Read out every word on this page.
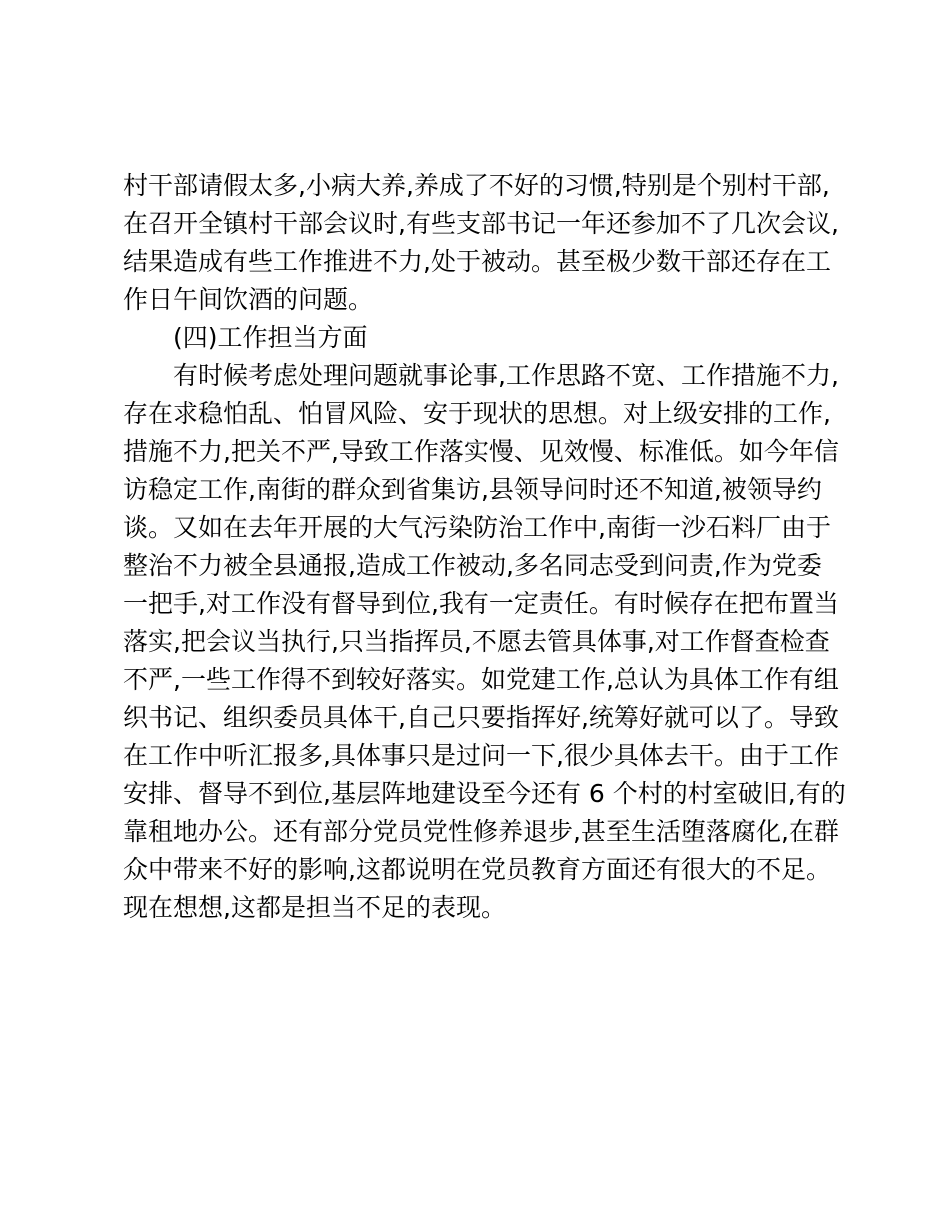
村干部请假太多,小病大养,养成了不好的习惯,特别是个别村干部,
在召开全镇村干部会议时,有些支部书记一年还参加不了几次会议,
结果造成有些工作推进不力,处于被动。甚至极少数干部还存在工
作日午间饮酒的问题。
(四)工作担当方面
有时候考虑处理问题就事论事,工作思路不宽、工作措施不力,
存在求稳怕乱、怕冒风险、安于现状的思想。对上级安排的工作,
措施不力,把关不严,导致工作落实慢、见效慢、标准低。如今年信
访稳定工作,南街的群众到省集访,县领导问时还不知道,被领导约
谈。又如在去年开展的大气污染防治工作中,南街一沙石料厂由于
整治不力被全县通报,造成工作被动,多名同志受到问责,作为党委
一把手,对工作没有督导到位,我有一定责任。有时候存在把布置当
落实,把会议当执行,只当指挥员,不愿去管具体事,对工作督查检查
不严,一些工作得不到较好落实。如党建工作,总认为具体工作有组
织书记、组织委员具体干,自己只要指挥好,统筹好就可以了。导致
在工作中听汇报多,具体事只是过问一下,很少具体去干。由于工作
安排、督导不到位,基层阵地建设至今还有 6 个村的村室破旧,有的
靠租地办公。还有部分党员党性修养退步,甚至生活堕落腐化,在群
众中带来不好的影响,这都说明在党员教育方面还有很大的不足。
现在想想,这都是担当不足的表现。
